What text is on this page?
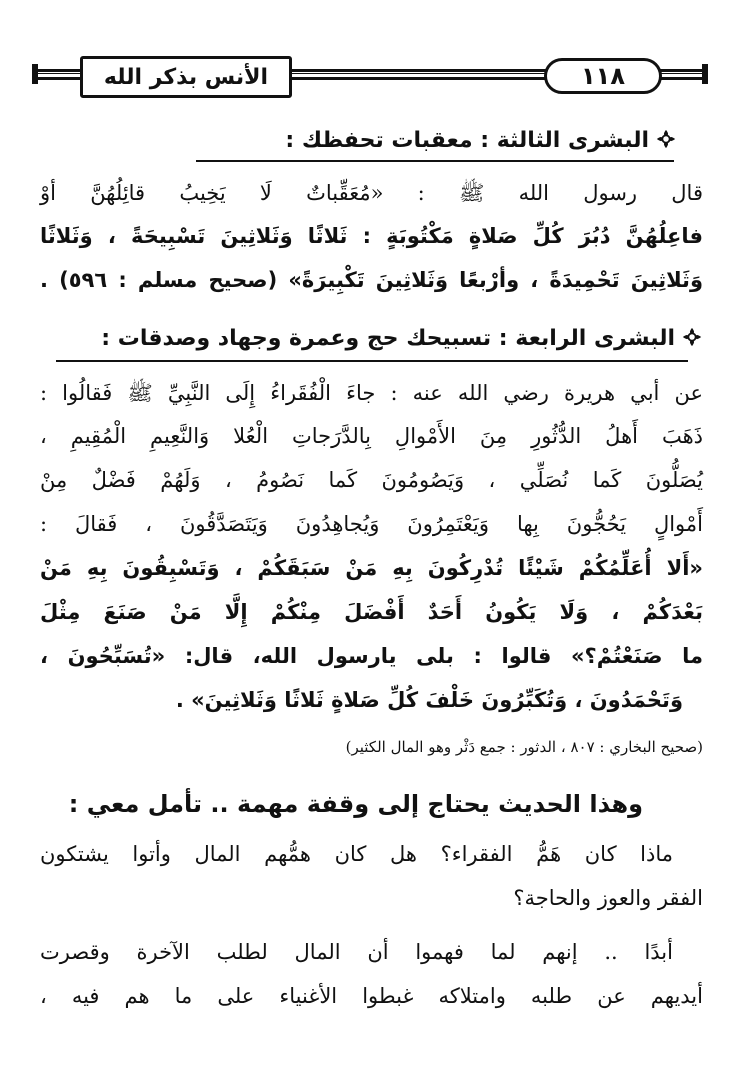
الأنس بذكر الله	١١٨
البشرى الثالثة : معقبات تحفظك :
قال رسول الله ﷺ : «مُعَقِّباتٌ لَا يَخِيبُ قائِلُهُنَّ أوْ
فاعِلُهُنَّ دُبُرَ كُلِّ صَلاةٍ مَكْتُوبَةٍ : ثَلاثًا وَثَلاثِينَ تَسْبِيحَةً ، وَثَلاثًا
وَثَلاثِينَ تَحْمِيدَةً ، وأرْبعًا وَثَلاثِينَ تَكْبِيرَةً» (صحيح مسلم : ٥٩٦) .
البشرى الرابعة : تسبيحك حج وعمرة وجهاد وصدقات :
عن أبي هريرة رضي الله عنه : جاءَ الْفُقَراءُ إِلَى النَّبِيِّ ﷺ فَقالُوا :
ذَهَبَ أَهلُ الدُّثُورِ مِنَ الأَمْوالِ بِالدَّرَجاتِ الْعُلا وَالنَّعِيمِ الْمُقِيمِ ،
يُصَلُّونَ كَما نُصَلِّي ، وَيَصُومُونَ كَما نَصُومُ ، وَلَهُمْ فَضْلٌ مِنْ
أَمْوالٍ يَحُجُّونَ بِها وَيَعْتَمِرُونَ وَيُجاهِدُونَ وَيَتَصَدَّقُونَ ، فَقالَ :
«أَلا أُعَلِّمُكُمْ شَيْئًا تُدْرِكُونَ بِهِ مَنْ سَبَقَكُمْ ، وَتَسْبِقُونَ بِهِ مَنْ
بَعْدَكُمْ ، وَلَا يَكُونُ أَحَدٌ أَفْضَلَ مِنْكُمْ إِلَّا مَنْ صَنَعَ مِثْلَ
ما صَنَعْتُمْ؟» قالوا : بلى يارسول الله، قال: «تُسَبِّحُونَ ،
وَتَحْمَدُونَ ، وَتُكَبِّرُونَ خَلْفَ كُلِّ صَلاةٍ ثَلاثًا وَثَلاثِينَ» .
(صحيح البخاري : ٨٠٧ ، الدثور : جمع دَثْر وهو المال الكثير)
وهذا الحديث يحتاج إلى وقفة مهمة .. تأمل معي :
ماذا كان هَمُّ الفقراء؟ هل كان همُّهم المال وأتوا يشتكون
الفقر والعوز والحاجة؟
أبدًا .. إنهم لما فهموا أن المال لطلب الآخرة وقصرت
أيديهم عن طلبه وامتلاكه غبطوا الأغنياء على ما هم فيه ،
